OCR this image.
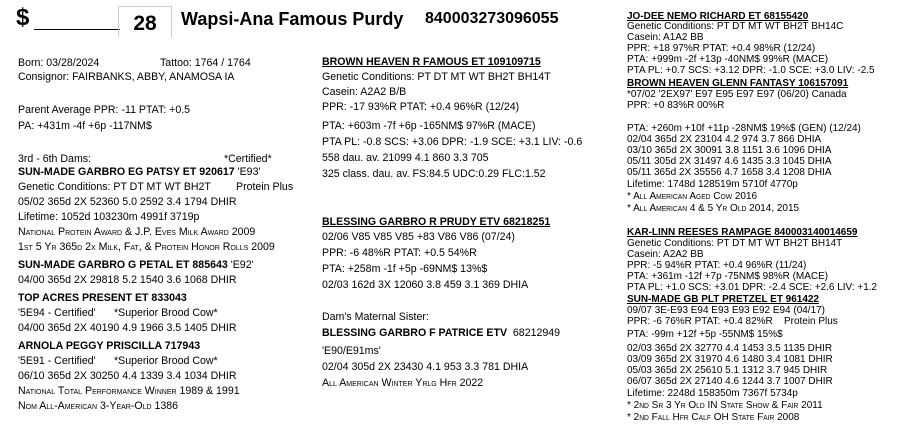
$	28	Wapsi-Ana Famous Purdy 840003273096055
Born: 03/28/2024	Tattoo: 1764 / 1764
Consignor: FAIRBANKS, ABBY, ANAMOSA IA
Parent Average PPR: -11 PTAT: +0.5
PA: +431m -4f +6p -117NM$
3rd - 6th Dams:	*Certified*
SUN-MADE GARBRO EG PATSY ET 920617 'E93'
Genetic Conditions: PT DT MT WT BH2T Protein Plus
05/02 365d 2X 52360 5.0 2592 3.4 1794 DHIR
Lifetime: 1052d 103230m 4991f 3719p
National Protein Award & J.P. Eves Milk Award 2009
1st 5 Yr 365d 2x Milk, Fat, & Protein Honor Rolls 2009
SUN-MADE GARBRO G PETAL ET 885643 'E92'
04/00 365d 2X 29818 5.2 1540 3.6 1068 DHIR
TOP ACRES PRESENT ET 833043
'5E94 - Certified' *Superior Brood Cow*
04/00 365d 2X 40190 4.9 1966 3.5 1405 DHIR
ARNOLA PEGGY PRISCILLA 717943
'5E91 - Certified' *Superior Brood Cow*
06/10 365d 2X 30250 4.4 1339 3.4 1034 DHIR
National Total Performance Winner 1989 & 1991
Nom All-American 3-Year-Old 1386
BROWN HEAVEN R FAMOUS ET 109109715
Genetic Conditions: PT DT MT WT BH2T BH14T
Casein: A2A2 B/B
PPR: -17 93%R PTAT: +0.4 96%R (12/24)
PTA: +603m -7f +6p -165NM$ 97%R (MACE)
PTA PL: -0.8 SCS: +3.06 DPR: -1.9 SCE: +3.1 LIV: -0.6
558 dau. av. 21099 4.1 860 3.3 705
325 class. dau. av. FS:84.5 UDC:0.29 FLC:1.52
BLESSING GARBRO R PRUDY ETV 68218251
02/06 V85 V85 V85 +83 V86 V86 (07/24)
PPR: -6 48%R PTAT: +0.5 54%R
PTA: +258m -1f +5p -69NM$ 13%$
02/03 162d 3X 12060 3.8 459 3.1 369 DHIA
Dam's Maternal Sister:
BLESSING GARBRO F PATRICE ETV 68212949
'E90/E91ms'
02/04 305d 2X 23430 4.1 953 3.3 781 DHIA
All American Winter Yrlg Hfr 2022
JO-DEE NEMO RICHARD ET 68155420
Genetic Conditions: PT DT MT WT BH2T BH14C
Casein: A1A2 BB
PPR: +18 97%R PTAT: +0.4 98%R (12/24)
PTA: +999m -2f +13p -40NM$ 99%R (MACE)
PTA PL: +0.7 SCS: +3.12 DPR: -1.0 SCE: +3.0 LIV: -2.5
BROWN HEAVEN GLENN FANTASY 106157091
*07/02 '2EX97' E97 E95 E97 E97 (06/20) Canada
PPR: +0 83%R 00%R
PTA: +260m +10f +11p -28NM$ 19%$ (GEN) (12/24)
02/04 365d 2X 23104 4.2 974 3.7 866 DHIA
03/10 365d 2X 30091 3.8 1151 3.6 1096 DHIA
05/11 305d 2X 31497 4.6 1435 3.3 1045 DHIA
05/11 365d 2X 35556 4.7 1658 3.4 1208 DHIA
Lifetime: 1748d 128519m 5710f 4770p
* All American Aged Cow 2016
* All American 4 & 5 Yr Old 2014, 2015
KAR-LINN REESES RAMPAGE 840003140014659
Genetic Conditions: PT DT MT WT BH2T BH14T
Casein: A2A2 BB
PPR: -5 94%R PTAT: +0.4 96%R (11/24)
PTA: +361m -12f +7p -75NM$ 98%R (MACE)
PTA PL: +1.0 SCS: +3.01 DPR: -2.4 SCE: +2.6 LIV: +1.2
SUN-MADE GB PLT PRETZEL ET 961422
09/07 3E-E93 E94 E93 E93 E92 E94 (04/17)
PPR: -6 76%R PTAT: +0.4 82%R Protein Plus
PTA: -99m +12f +5p -55NM$ 15%$
02/03 365d 2X 32770 4.4 1453 3.5 1135 DHIR
03/09 365d 2X 31970 4.6 1480 3.4 1081 DHIR
05/03 365d 2X 25610 5.1 1312 3.7 945 DHIR
06/07 365d 2X 27140 4.6 1244 3.7 1007 DHIR
Lifetime: 2248d 158350m 7367f 5734p
* 2nd Sr 3 Yr Old IN State Show & Fair 2011
* 2nd Fall Hfr Calf OH State Fair 2008
